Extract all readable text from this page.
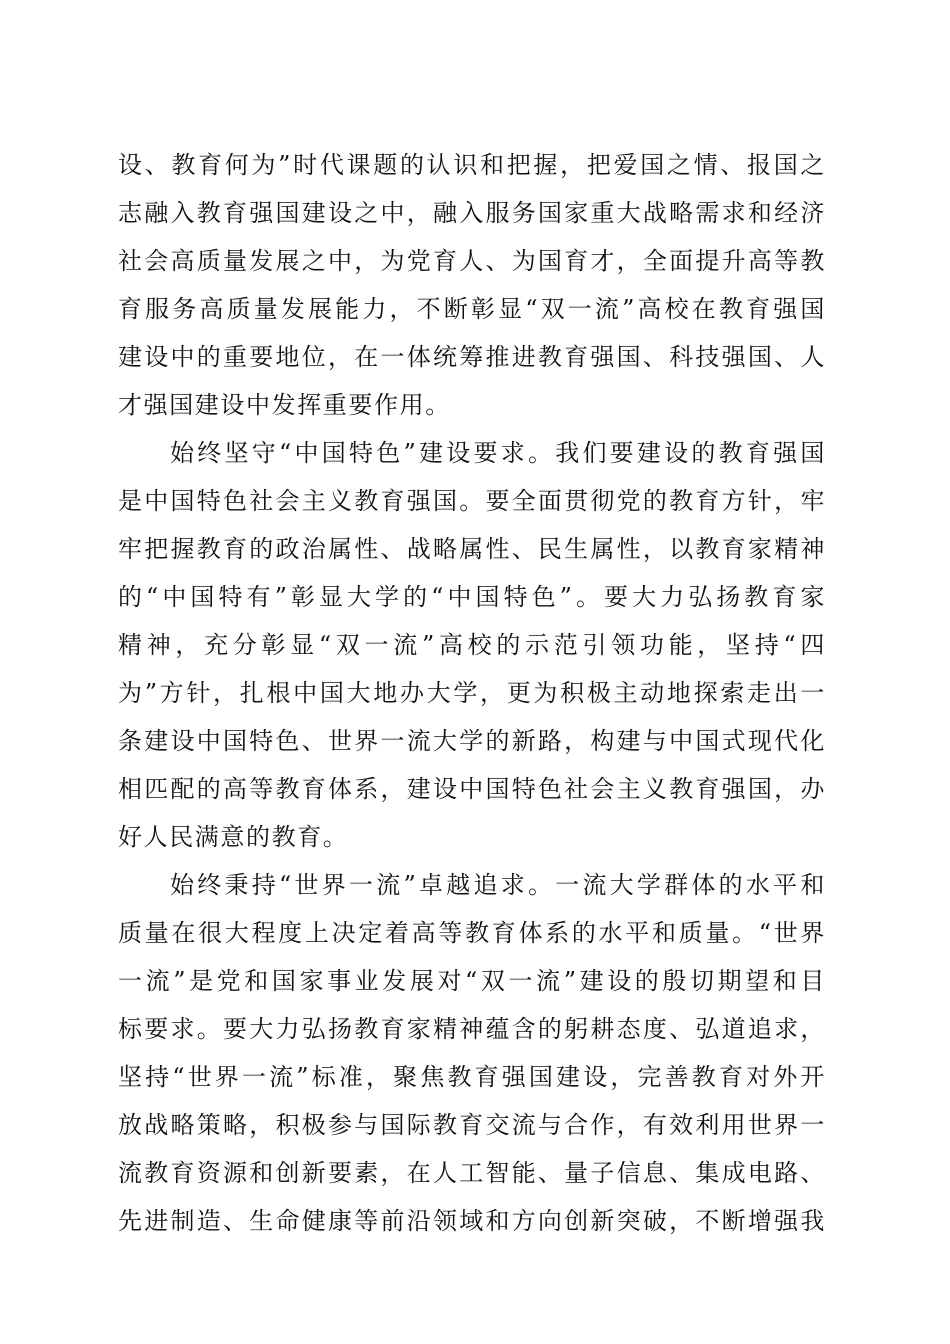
设、教育何为”时代课题的认识和把握，把爱国之情、报国之
志融入教育强国建设之中，融入服务国家重大战略需求和经济
社会高质量发展之中，为党育人、为国育才，全面提升高等教
育服务高质量发展能力，不断彰显“双一流”高校在教育强国
建设中的重要地位，在一体统筹推进教育强国、科技强国、人
才强国建设中发挥重要作用。
始终坚守“中国特色”建设要求。我们要建设的教育强国
是中国特色社会主义教育强国。要全面贯彻党的教育方针，牢
牢把握教育的政治属性、战略属性、民生属性，以教育家精神
的“中国特有”彰显大学的“中国特色”。要大力弘扬教育家
精神，充分彰显“双一流”高校的示范引领功能，坚持“四
为”方针，扎根中国大地办大学，更为积极主动地探索走出一
条建设中国特色、世界一流大学的新路，构建与中国式现代化
相匹配的高等教育体系，建设中国特色社会主义教育强国，办
好人民满意的教育。
始终秉持“世界一流”卓越追求。一流大学群体的水平和
质量在很大程度上决定着高等教育体系的水平和质量。“世界
一流”是党和国家事业发展对“双一流”建设的殷切期望和目
标要求。要大力弘扬教育家精神蕴含的躬耕态度、弘道追求，
坚持“世界一流”标准，聚焦教育强国建设，完善教育对外开
放战略策略，积极参与国际教育交流与合作，有效利用世界一
流教育资源和创新要素，在人工智能、量子信息、集成电路、
先进制造、生命健康等前沿领域和方向创新突破，不断增强我
